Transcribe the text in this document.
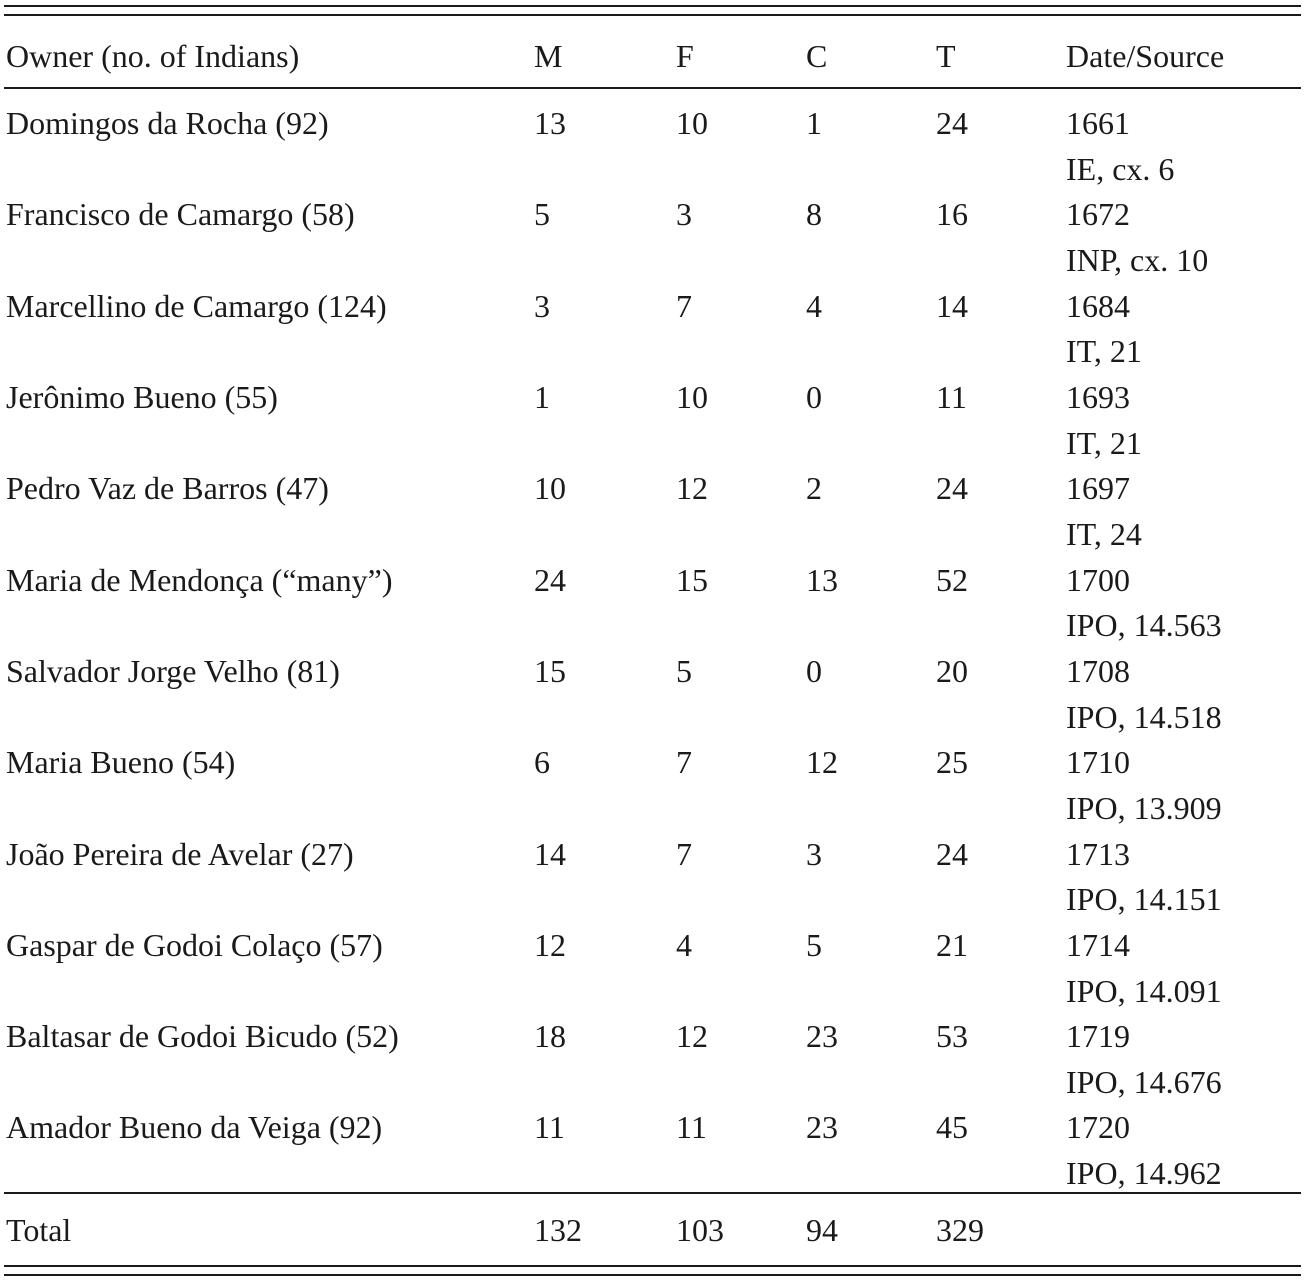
Owner (no. of Indians)	M	F	C	T	Date/Source
Domingos da Rocha (92)	13	10	1	24	1661
IE, cx. 6
Francisco de Camargo (58)	5	3	8	16	1672
INP, cx. 10
Marcellino de Camargo (124)	3	7	4	14	1684
IT, 21
Jerônimo Bueno (55)	1	10	0	11	1693
IT, 21
Pedro Vaz de Barros (47)	10	12	2	24	1697
IT, 24
Maria de Mendonça (“many”)	24	15	13	52	1700
IPO, 14.563
Salvador Jorge Velho (81)	15	5	0	20	1708
IPO, 14.518
Maria Bueno (54)	6	7	12	25	1710
IPO, 13.909
João Pereira de Avelar (27)	14	7	3	24	1713
IPO, 14.151
Gaspar de Godoi Colaço (57)	12	4	5	21	1714
IPO, 14.091
Baltasar de Godoi Bicudo (52)	18	12	23	53	1719
IPO, 14.676
Amador Bueno da Veiga (92)	11	11	23	45	1720
IPO, 14.962
Total	132	103	94	329
